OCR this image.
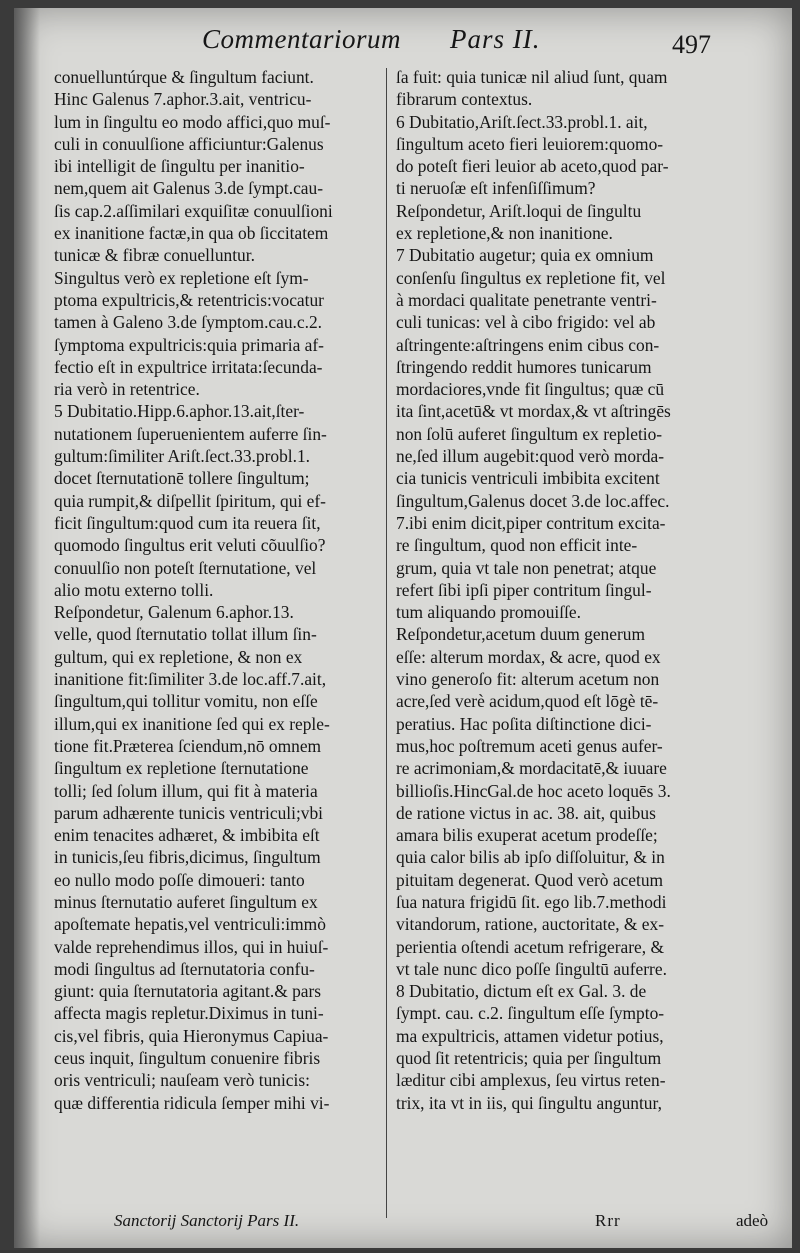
Commentariorum Pars II.	497
conuelluntúrque & ſingultum faciunt.
Hinc Galenus 7.aphor.3.ait, ventricu-
lum in ſingultu eo modo affici,quo muſ-
culi in conuulſione afficiuntur:Galenus
ibi intelligit de ſingultu per inanitio-
nem,quem ait Galenus 3.de ſympt.cau-
ſis cap.2.aſſimilari exquiſitæ conuulſioni
ex inanitione factæ,in qua ob ſiccitatem
tunicæ & fibræ conuelluntur.
Singultus verò ex repletione eſt ſym-
ptoma expultricis,& retentricis:vocatur
tamen à Galeno 3.de ſymptom.cau.c.2.
ſymptoma expultricis:quia primaria af-
fectio eſt in expultrice irritata:ſecunda-
ria verò in retentrice.
5 Dubitatio.Hipp.6.aphor.13.ait,ſter-
nutationem ſuperuenientem auferre ſin-
gultum:ſimiliter Ariſt.ſect.33.probl.1.
docet ſternutationē tollere ſingultum;
quia rumpit,& diſpellit ſpiritum, qui ef-
ficit ſingultum:quod cum ita reuera ſit,
quomodo ſingultus erit veluti cõuulſio?
conuulſio non poteſt ſternutatione, vel
alio motu externo tolli.
Reſpondetur, Galenum 6.aphor.13.
velle, quod ſternutatio tollat illum ſin-
gultum, qui ex repletione, & non ex
inanitione fit:ſimiliter 3.de loc.aff.7.ait,
ſingultum,qui tollitur vomitu, non eſſe
illum,qui ex inanitione ſed qui ex reple-
tione fit.Præterea ſciendum,nō omnem
ſingultum ex repletione ſternutatione
tolli; ſed ſolum illum, qui fit à materia
parum adhærente tunicis ventriculi;vbi
enim tenacites adhæret, & imbibita eſt
in tunicis,ſeu fibris,dicimus, ſingultum
eo nullo modo poſſe dimoueri: tanto
minus ſternutatio auferet ſingultum ex
apoſtemate hepatis,vel ventriculi:immò
valde reprehendimus illos, qui in huiuſ-
modi ſingultus ad ſternutatoria confu-
giunt: quia ſternutatoria agitant.& pars
affecta magis repletur.Diximus in tuni-
cis,vel fibris, quia Hieronymus Capiua-
ceus inquit, ſingultum conuenire fibris
oris ventriculi; nauſeam verò tunicis:
quæ differentia ridicula ſemper mihi vi-
ſa fuit: quia tunicæ nil aliud ſunt, quam
fibrarum contextus.
6 Dubitatio,Ariſt.ſect.33.probl.1. ait,
ſingultum aceto fieri leuiorem:quomo-
do poteſt fieri leuior ab aceto,quod par-
ti neruoſæ eſt infenſiſſimum?
Reſpondetur, Ariſt.loqui de ſingultu
ex repletione,& non inanitione.
7 Dubitatio augetur; quia ex omnium
conſenſu ſingultus ex repletione fit, vel
à mordaci qualitate penetrante ventri-
culi tunicas: vel à cibo frigido: vel ab
aſtringente:aſtringens enim cibus con-
ſtringendo reddit humores tunicarum
mordaciores,vnde fit ſingultus; quæ cū
ita ſint,acetū& vt mordax,& vt aſtringēs
non ſolū auferet ſingultum ex repletio-
ne,ſed illum augebit:quod verò morda-
cia tunicis ventriculi imbibita excitent
ſingultum,Galenus docet 3.de loc.affec.
7.ibi enim dicit,piper contritum excita-
re ſingultum, quod non efficit inte-
grum, quia vt tale non penetrat; atque
refert ſibi ipſi piper contritum ſingul-
tum aliquando promouiſſe.
Reſpondetur,acetum duum generum
eſſe: alterum mordax, & acre, quod ex
vino generoſo fit: alterum acetum non
acre,ſed verè acidum,quod eſt lōgè tē-
peratius. Hac poſita diſtinctione dici-
mus,hoc poſtremum aceti genus aufer-
re acrimoniam,& mordacitatē,& iuuare
billioſis.HincGal.de hoc aceto loquēs 3.
de ratione victus in ac. 38. ait, quibus
amara bilis exuperat acetum prodeſſe;
quia calor bilis ab ipſo diſſoluitur, & in
pituitam degenerat. Quod verò acetum
ſua natura frigidū ſit. ego lib.7.methodi
vitandorum, ratione, auctoritate, & ex-
perientia oſtendi acetum refrigerare, &
vt tale nunc dico poſſe ſingultū auferre.
8 Dubitatio, dictum eſt ex Gal. 3. de
ſympt. cau. c.2. ſingultum eſſe ſympto-
ma expultricis, attamen videtur potius,
quod ſit retentricis; quia per ſingultum
læditur cibi amplexus, ſeu virtus reten-
trix, ita vt in iis, qui ſingultu anguntur,
Sanctorij Sanctorij Pars II.	Rrr	adeò
